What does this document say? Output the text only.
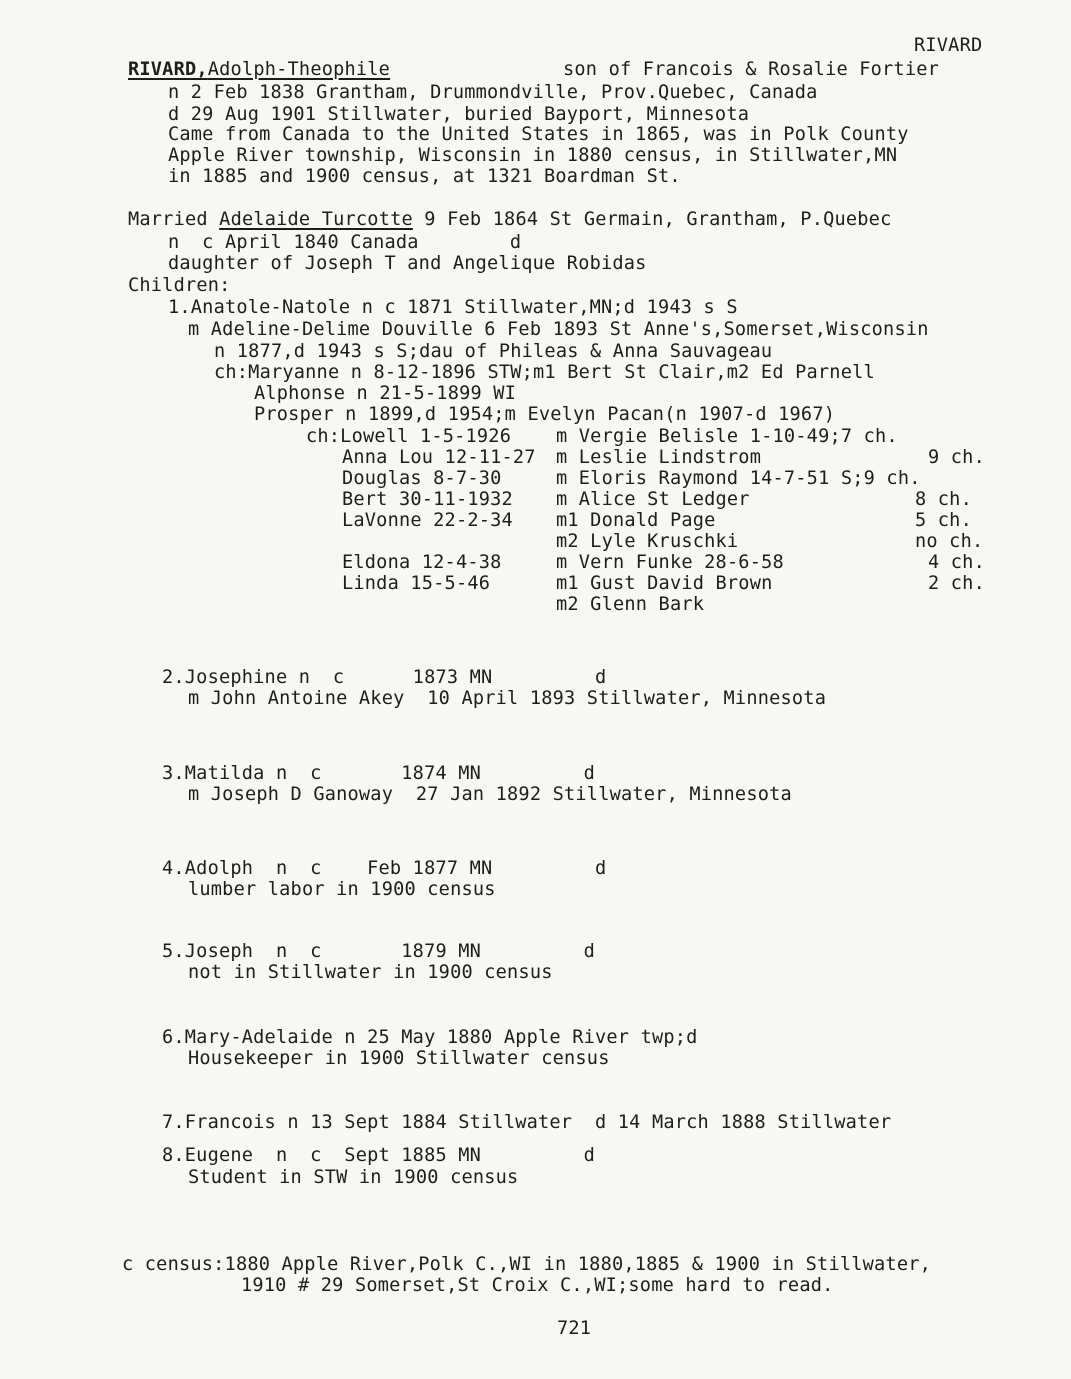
RIVARD
RIVARD,Adolph-Theophile	son of Francois & Rosalie Fortier
n 2 Feb 1838 Grantham, Drummondville, Prov.Quebec, Canada
d 29 Aug 1901 Stillwater, buried Bayport, Minnesota
Came from Canada to the United States in 1865, was in Polk County
Apple River township, Wisconsin in 1880 census, in Stillwater,MN
in 1885 and 1900 census, at 1321 Boardman St.
Married Adelaide Turcotte 9 Feb 1864 St Germain, Grantham, P.Quebec
n  c April 1840 Canada        d
daughter of Joseph T and Angelique Robidas
Children:
1.Anatole-Natole n c 1871 Stillwater,MN;d 1943 s S
m Adeline-Delime Douville 6 Feb 1893 St Anne's,Somerset,Wisconsin
n 1877,d 1943 s S;dau of Phileas & Anna Sauvageau
ch:Maryanne n 8-12-1896 STW;m1 Bert St Clair,m2 Ed Parnell
Alphonse n 21-5-1899 WI
Prosper n 1899,d 1954;m Evelyn Pacan(n 1907-d 1967)
ch:Lowell 1-5-1926 m Vergie Belisle 1-10-49;7 ch.
Anna Lou 12-11-27 m Leslie Lindstrom	9 ch.
Douglas 8-7-30	m Eloris Raymond 14-7-51 S;9 ch.
Bert 30-11-1932 m Alice St Ledger	8 ch.
LaVonne 22-2-34 m1 Donald Page	5 ch.
m2 Lyle Kruschki	no ch.
Eldona 12-4-38	m Vern Funke 28-6-58	4 ch.
Linda 15-5-46	m1 Gust David Brown	2 ch.
m2 Glenn Bark
2.Josephine n  c      1873 MN         d
m John Antoine Akey  10 April 1893 Stillwater, Minnesota
3.Matilda n  c       1874 MN         d
m Joseph D Ganoway  27 Jan 1892 Stillwater, Minnesota
4.Adolph  n  c    Feb 1877 MN         d
lumber labor in 1900 census
5.Joseph  n  c       1879 MN         d
not in Stillwater in 1900 census
6.Mary-Adelaide n 25 May 1880 Apple River twp;d
Housekeeper in 1900 Stillwater census
7.Francois n 13 Sept 1884 Stillwater  d 14 March 1888 Stillwater
8.Eugene  n  c  Sept 1885 MN         d
Student in STW in 1900 census
c census:1880 Apple River,Polk C.,WI in 1880,1885 & 1900 in Stillwater,
1910 # 29 Somerset,St Croix C.,WI;some hard to read.
721
